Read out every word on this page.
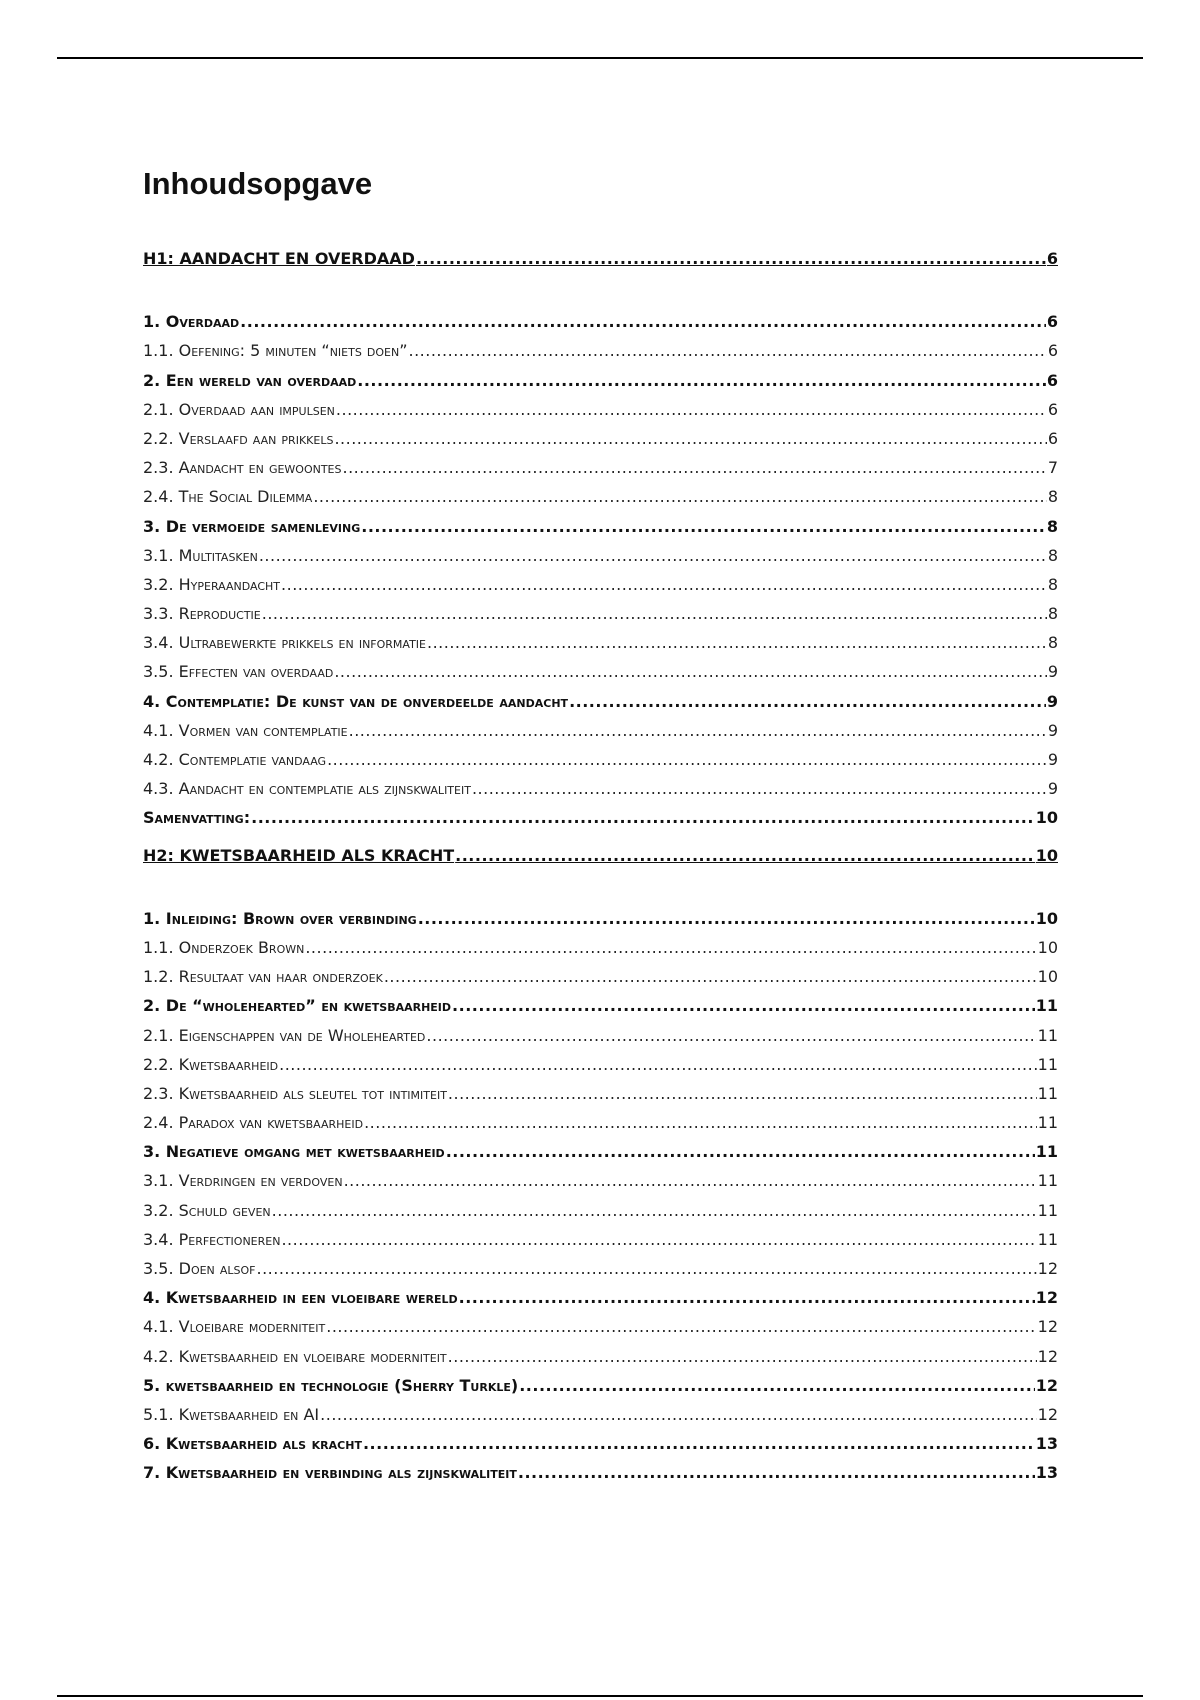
Inhoudsopgave
H1: AANDACHT EN OVERDAAD .....	6
1. Overdaad .....	6
1.1. Oefening: 5 minuten “niets doen” .....	6
2. Een wereld van overdaad .....	6
2.1. Overdaad aan impulsen .....	6
2.2. Verslaafd aan prikkels .....	6
2.3. Aandacht en gewoontes .....	7
2.4. The Social Dilemma .....	8
3. De vermoeide samenleving .....	8
3.1. Multitasken .....	8
3.2. Hyperaandacht .....	8
3.3. Reproductie .....	8
3.4. Ultrabewerkte prikkels en informatie .....	8
3.5. Effecten van overdaad .....	9
4. Contemplatie: De kunst van de onverdeelde aandacht .....	9
4.1. Vormen van contemplatie .....	9
4.2. Contemplatie vandaag .....	9
4.3. Aandacht en contemplatie als zijnskwaliteit .....	9
Samenvatting: .....	10
H2: KWETSBAARHEID ALS KRACHT .....	10
1. Inleiding: Brown over verbinding .....	10
1.1. Onderzoek Brown .....	10
1.2. Resultaat van haar onderzoek .....	10
2. De “wholehearted” en kwetsbaarheid .....	11
2.1. Eigenschappen van de Wholehearted .....	11
2.2. Kwetsbaarheid .....	11
2.3. Kwetsbaarheid als sleutel tot intimiteit .....	11
2.4. Paradox van kwetsbaarheid .....	11
3. Negatieve omgang met kwetsbaarheid .....	11
3.1. Verdringen en verdoven .....	11
3.2. Schuld geven .....	11
3.4. Perfectioneren .....	11
3.5. Doen alsof .....	12
4. Kwetsbaarheid in een vloeibare wereld .....	12
4.1. Vloeibare moderniteit .....	12
4.2. Kwetsbaarheid en vloeibare moderniteit .....	12
5. kwetsbaarheid en technologie (Sherry Turkle) .....	12
5.1. Kwetsbaarheid en AI .....	12
6. Kwetsbaarheid als kracht .....	13
7. Kwetsbaarheid en verbinding als zijnskwaliteit .....	13
